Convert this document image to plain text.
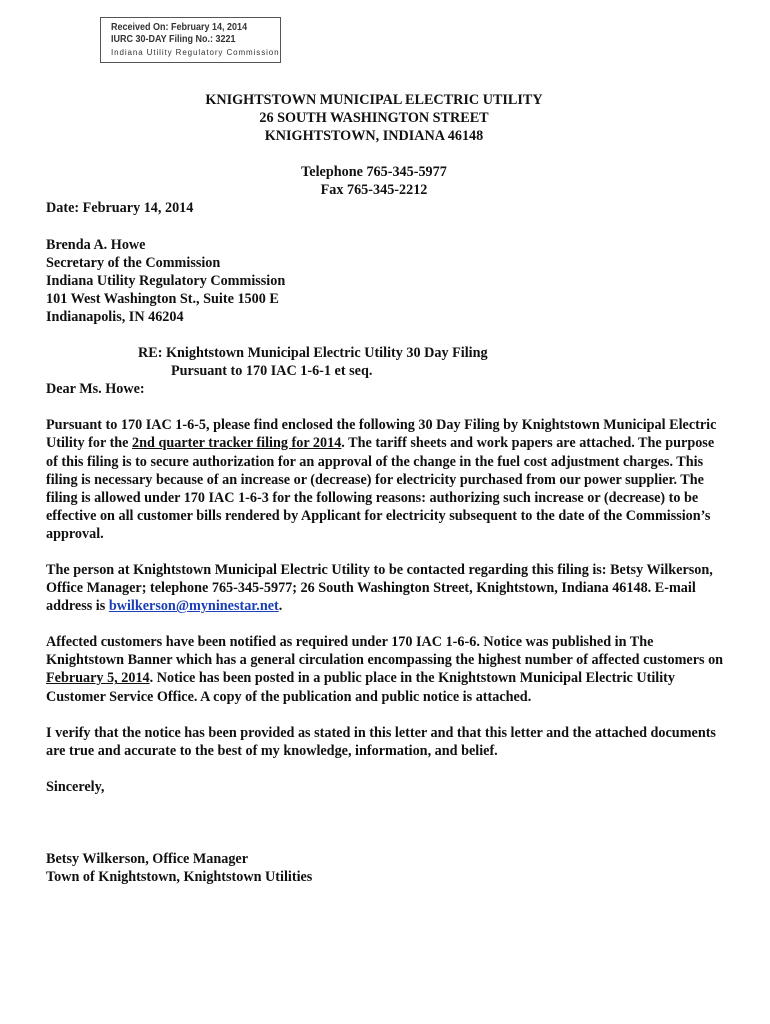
Received On: February 14, 2014
IURC 30-DAY Filing No.: 3221
Indiana Utility Regulatory Commission
KNIGHTSTOWN MUNICIPAL ELECTRIC UTILITY
26 SOUTH WASHINGTON STREET
KNIGHTSTOWN, INDIANA 46148
Telephone 765-345-5977
Fax 765-345-2212
Date: February 14, 2014
Brenda A. Howe
Secretary of the Commission
Indiana Utility Regulatory Commission
101 West Washington St., Suite 1500 E
Indianapolis, IN 46204
RE: Knightstown Municipal Electric Utility 30 Day Filing
Pursuant to 170 IAC 1-6-1 et seq.
Dear Ms. Howe:
Pursuant to 170 IAC 1-6-5, please find enclosed the following 30 Day Filing by Knightstown Municipal Electric Utility for the 2nd quarter tracker filing for 2014. The tariff sheets and work papers are attached. The purpose of this filing is to secure authorization for an approval of the change in the fuel cost adjustment charges. This filing is necessary because of an increase or (decrease) for electricity purchased from our power supplier. The filing is allowed under 170 IAC 1-6-3 for the following reasons: authorizing such increase or (decrease) to be effective on all customer bills rendered by Applicant for electricity subsequent to the date of the Commission’s approval.
The person at Knightstown Municipal Electric Utility to be contacted regarding this filing is: Betsy Wilkerson, Office Manager; telephone 765-345-5977; 26 South Washington Street, Knightstown, Indiana 46148. E-mail address is bwilkerson@myninestar.net.
Affected customers have been notified as required under 170 IAC 1-6-6. Notice was published in The Knightstown Banner which has a general circulation encompassing the highest number of affected customers on February 5, 2014. Notice has been posted in a public place in the Knightstown Municipal Electric Utility Customer Service Office. A copy of the publication and public notice is attached.
I verify that the notice has been provided as stated in this letter and that this letter and the attached documents are true and accurate to the best of my knowledge, information, and belief.
Sincerely,
Betsy Wilkerson, Office Manager
Town of Knightstown, Knightstown Utilities
